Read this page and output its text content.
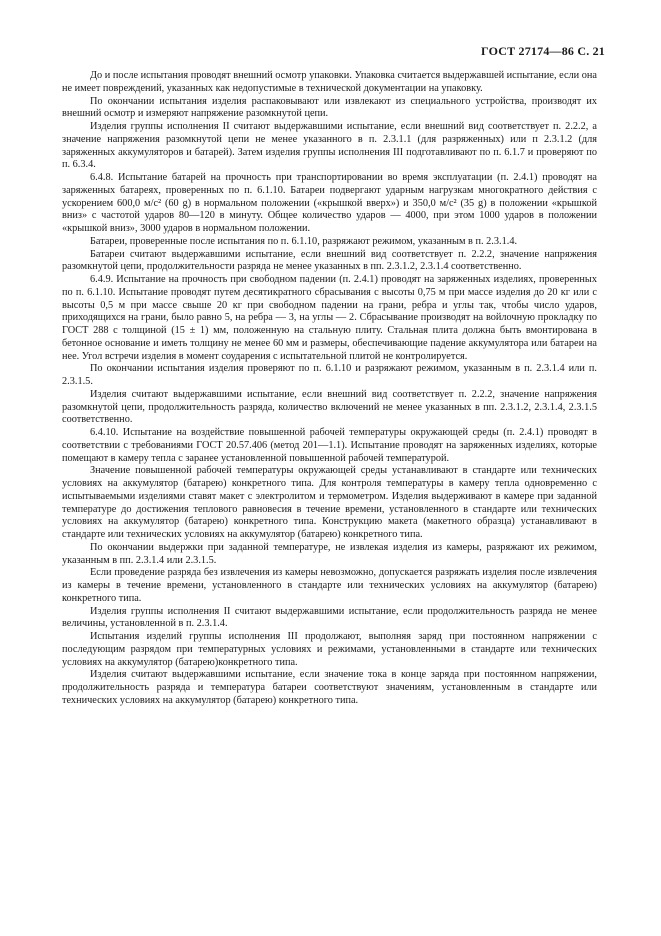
ГОСТ 27174—86 С. 21

До и после испытания проводят внешний осмотр упаковки. Упаковка считается выдержавшей испытание, если она не имеет повреждений, указанных как недопустимые в технической документации на упаковку.

По окончании испытания изделия распаковывают или извлекают из специального устройства, производят их внешний осмотр и измеряют напряжение разомкнутой цепи.

Изделия группы исполнения II считают выдержавшими испытание, если внешний вид соответствует п. 2.2.2, а значение напряжения разомкнутой цепи не менее указанного в п. 2.3.1.1 (для разряженных) или п 2.3.1.2 (для заряженных аккумуляторов и батарей). Затем изделия группы исполнения III подготавливают по п. 6.1.7 и проверяют по п. 6.3.4.

6.4.8. Испытание батарей на прочность при транспортировании во время эксплуатации (п. 2.4.1) проводят на заряженных батареях, проверенных по п. 6.1.10. Батареи подвергают ударным нагрузкам многократного действия с ускорением 600,0 м/с² (60 g) в нормальном положении («крышкой вверх») и 350,0 м/с² (35 g) в положении «крышкой вниз» с частотой ударов 80—120 в минуту. Общее количество ударов — 4000, при этом 1000 ударов в положении «крышкой вниз», 3000 ударов в нормальном положении.

Батареи, проверенные после испытания по п. 6.1.10, разряжают режимом, указанным в п. 2.3.1.4.

Батареи считают выдержавшими испытание, если внешний вид соответствует п. 2.2.2, значение напряжения разомкнутой цепи, продолжительности разряда не менее указанных в пп. 2.3.1.2, 2.3.1.4 соответственно.

6.4.9. Испытание на прочность при свободном падении (п. 2.4.1) проводят на заряженных изделиях, проверенных по п. 6.1.10. Испытание проводят путем десятикратного сбрасывания с высоты 0,75 м при массе изделия до 20 кг или с высоты 0,5 м при массе свыше 20 кг при свободном падении на грани, ребра и углы так, чтобы число ударов, приходящихся на грани, было равно 5, на ребра — 3, на углы — 2. Сбрасывание производят на войлочную прокладку по ГОСТ 288 с толщиной (15 ± 1) мм, положенную на стальную плиту. Стальная плита должна быть вмонтирована в бетонное основание и иметь толщину не менее 60 мм и размеры, обеспечивающие падение аккумулятора или батареи на нее. Угол встречи изделия в момент соударения с испытательной плитой не контролируется.

По окончании испытания изделия проверяют по п. 6.1.10 и разряжают режимом, указанным в п. 2.3.1.4 или п. 2.3.1.5.

Изделия считают выдержавшими испытание, если внешний вид соответствует п. 2.2.2, значение напряжения разомкнутой цепи, продолжительность разряда, количество включений не менее указанных в пп. 2.3.1.2, 2.3.1.4, 2.3.1.5 соответственно.

6.4.10. Испытание на воздействие повышенной рабочей температуры окружающей среды (п. 2.4.1) проводят в соответствии с требованиями ГОСТ 20.57.406 (метод 201—1.1). Испытание проводят на заряженных изделиях, которые помещают в камеру тепла с заранее установленной повышенной рабочей температурой.

Значение повышенной рабочей температуры окружающей среды устанавливают в стандарте или технических условиях на аккумулятор (батарею) конкретного типа. Для контроля температуры в камеру тепла одновременно с испытываемыми изделиями ставят макет с электролитом и термометром. Изделия выдерживают в камере при заданной температуре до достижения теплового равновесия в течение времени, установленного в стандарте или технических условиях на аккумулятор (батарею) конкретного типа. Конструкцию макета (макетного образца) устанавливают в стандарте или технических условиях на аккумулятор (батарею) конкретного типа.

По окончании выдержки при заданной температуре, не извлекая изделия из камеры, разряжают их режимом, указанным в пп. 2.3.1.4 или 2.3.1.5.

Если проведение разряда без извлечения из камеры невозможно, допускается разряжать изделия после извлечения из камеры в течение времени, установленного в стандарте или технических условиях на аккумулятор (батарею) конкретного типа.

Изделия группы исполнения II считают выдержавшими испытание, если продолжительность разряда не менее величины, установленной в п. 2.3.1.4.

Испытания изделий группы исполнения III продолжают, выполняя заряд при постоянном напряжении с последующим разрядом при температурных условиях и режимами, установленными в стандарте или технических условиях на аккумулятор (батарею)конкретного типа.

Изделия считают выдержавшими испытание, если значение тока в конце заряда при постоянном напряжении, продолжительность разряда и температура батареи соответствуют значениям, установленным в стандарте или технических условиях на аккумулятор (батарею) конкретного типа.
